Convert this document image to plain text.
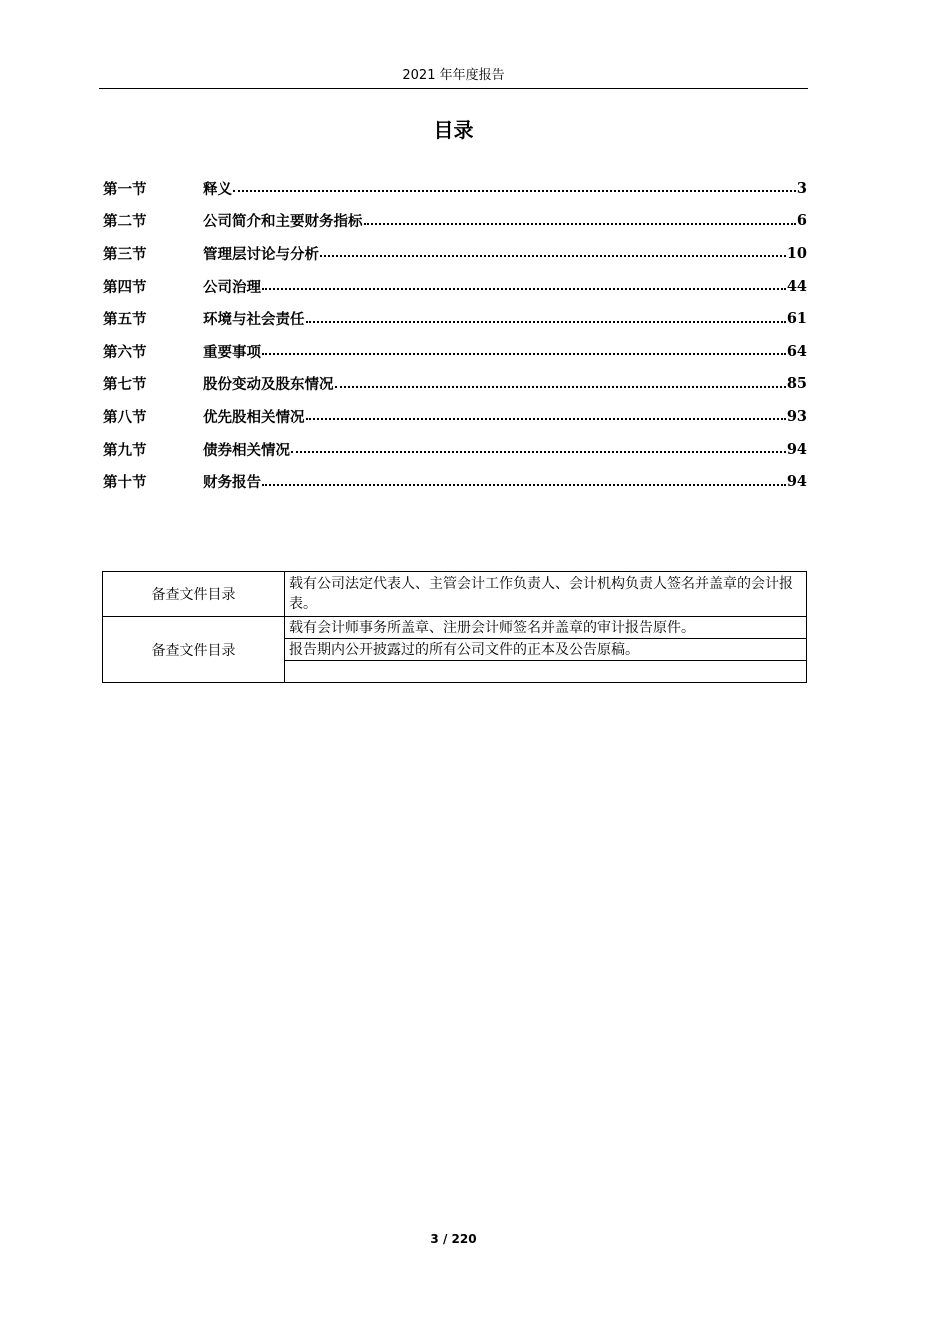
2021 年年度报告
目录
第一节	释义	3
第二节	公司简介和主要财务指标	6
第三节	管理层讨论与分析	10
第四节	公司治理	44
第五节	环境与社会责任	61
第六节	重要事项	64
第七节	股份变动及股东情况	85
第八节	优先股相关情况	93
第九节	债券相关情况	94
第十节	财务报告	94
备查文件目录	载有公司法定代表人、主管会计工作负责人、会计机构负责人签名并盖章的会计报表。
备查文件目录	载有会计师事务所盖章、注册会计师签名并盖章的审计报告原件。
	报告期内公开披露过的所有公司文件的正本及公告原稿。

3 / 220
